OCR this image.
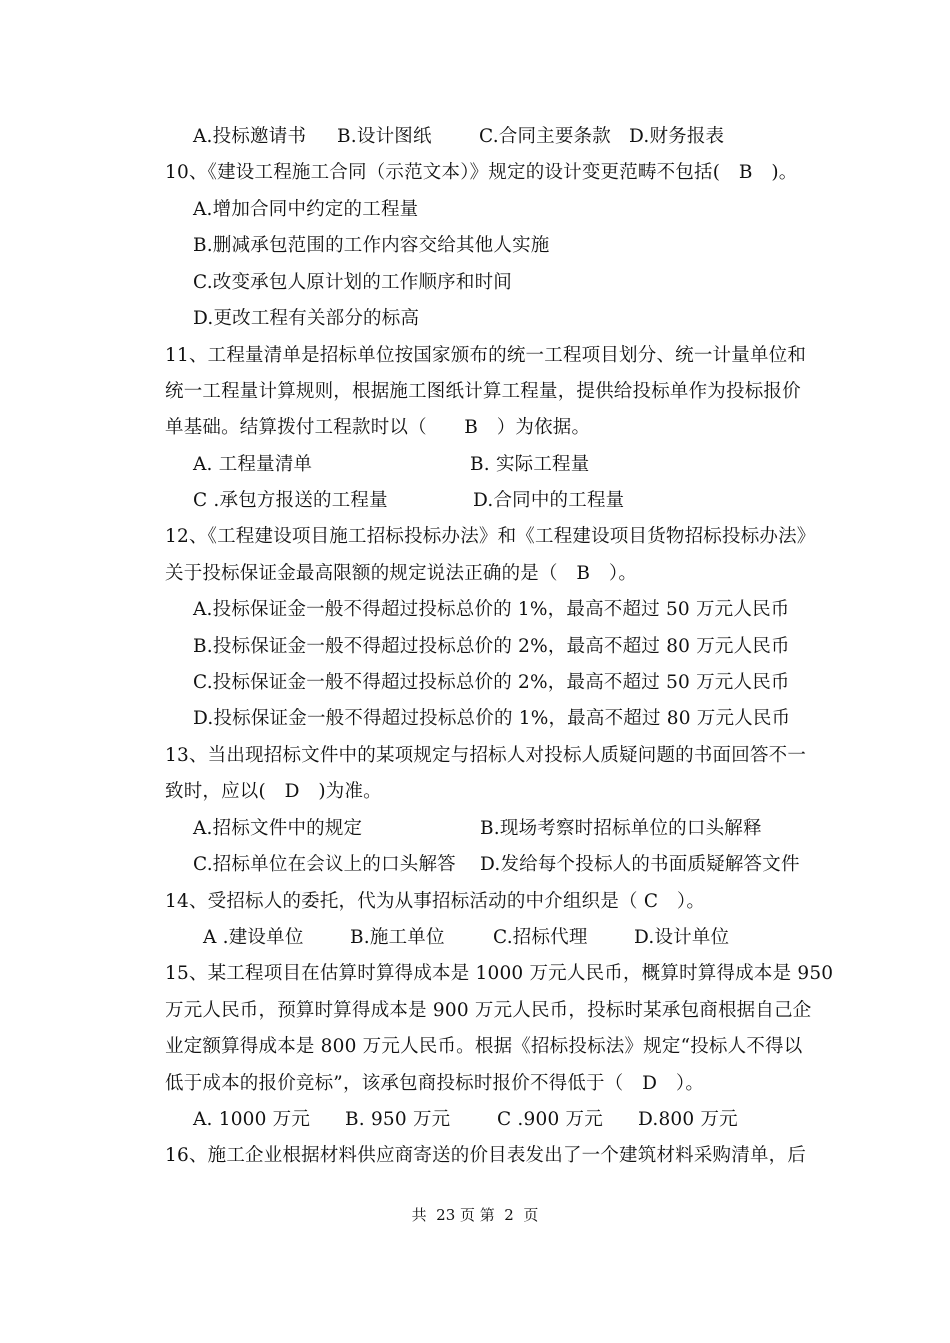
A.投标邀请书 B.设计图纸	C.合同主要条款 D.财务报表
10、《建设工程施工合同（示范文本）》规定的设计变更范畴不包括(　B　)。
A.增加合同中约定的工程量
B.删减承包范围的工作内容交给其他人实施
C.改变承包人原计划的工作顺序和时间
D.更改工程有关部分的标高
11、工程量清单是招标单位按国家颁布的统一工程项目划分、统一计量单位和
统一工程量计算规则，根据施工图纸计算工程量，提供给投标单作为投标报价
单基础。结算拨付工程款时以（　　B　）为依据。
A. 工程量清单	B. 实际工程量
C .承包方报送的工程量	D.合同中的工程量
12、《工程建设项目施工招标投标办法》和《工程建设项目货物招标投标办法》
关于投标保证金最高限额的规定说法正确的是（　B　）。
A.投标保证金一般不得超过投标总价的 1%，最高不超过 50 万元人民币
B.投标保证金一般不得超过投标总价的 2%，最高不超过 80 万元人民币
C.投标保证金一般不得超过投标总价的 2%，最高不超过 50 万元人民币
D.投标保证金一般不得超过投标总价的 1%，最高不超过 80 万元人民币
13、当出现招标文件中的某项规定与招标人对投标人质疑问题的书面回答不一
致时，应以(　D　)为准。
A.招标文件中的规定	B.现场考察时招标单位的口头解释
C.招标单位在会议上的口头解答 D.发给每个投标人的书面质疑解答文件
14、受招标人的委托，代为从事招标活动的中介组织是（ C　）。
A .建设单位	B.施工单位	C.招标代理	D.设计单位
15、某工程项目在估算时算得成本是 1000 万元人民币，概算时算得成本是 950
万元人民币，预算时算得成本是 900 万元人民币，投标时某承包商根据自己企
业定额算得成本是 800 万元人民币。根据《招标投标法》规定“投标人不得以
低于成本的报价竞标”，该承包商投标时报价不得低于（　D　）。
A. 1000 万元 B. 950 万元	C .900 万元 D.800 万元
16、施工企业根据材料供应商寄送的价目表发出了一个建筑材料采购清单，后
共  23 页 第  2  页
